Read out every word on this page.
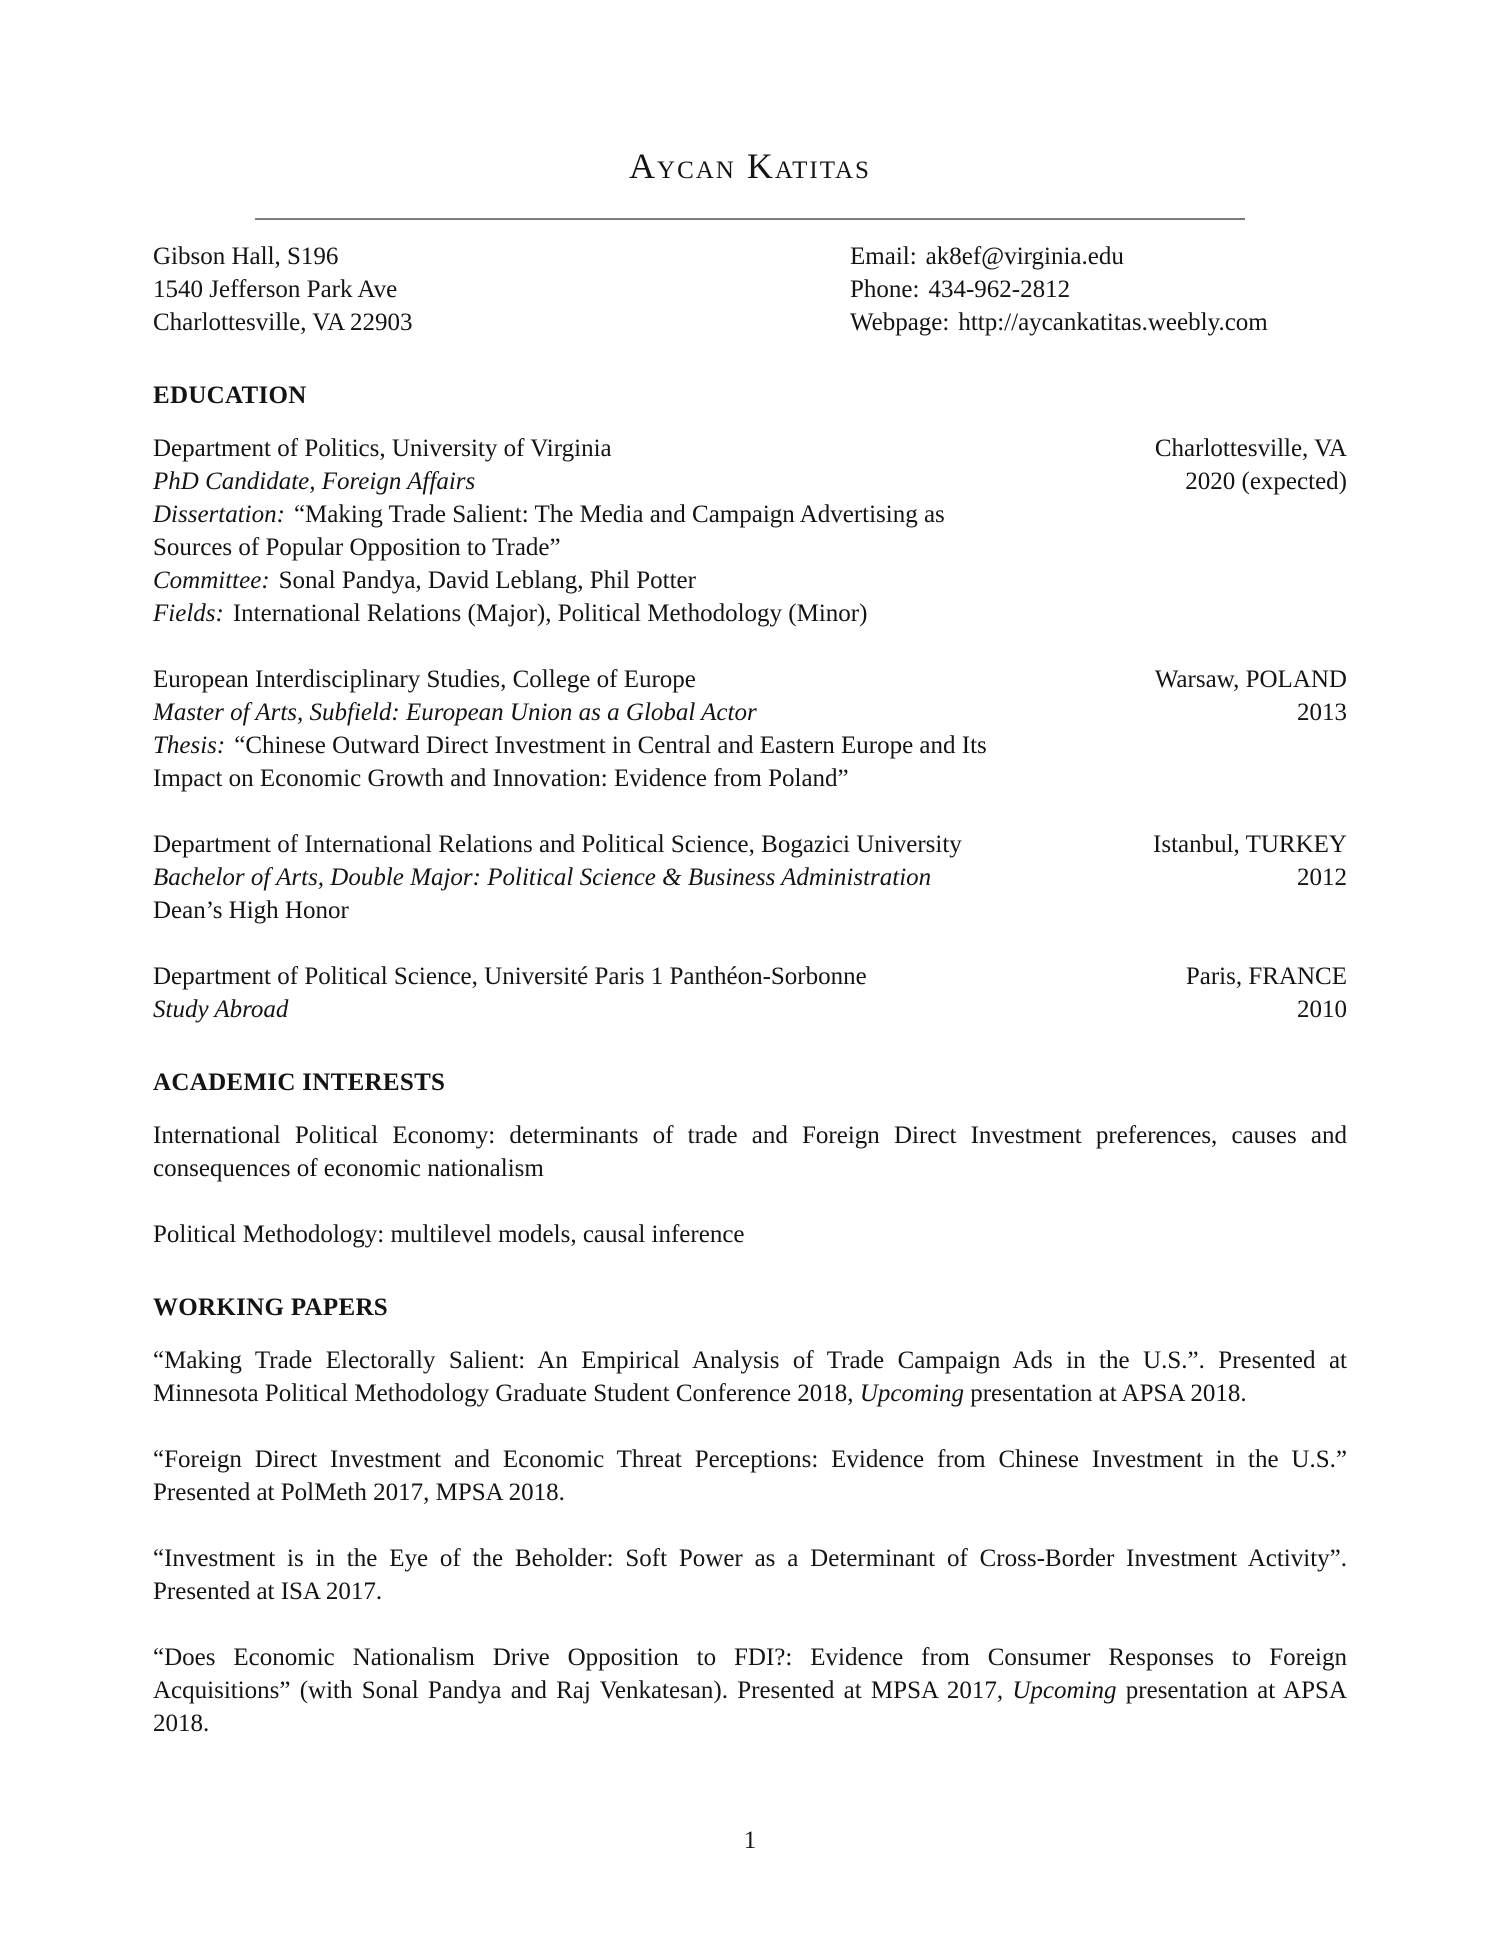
Aycan Katitas
Gibson Hall, S196
1540 Jefferson Park Ave
Charlottesville, VA 22903
Email: ak8ef@virginia.edu
Phone: 434-962-2812
Webpage: http://aycankatitas.weebly.com
EDUCATION
Department of Politics, University of Virginia	Charlottesville, VA
PhD Candidate, Foreign Affairs	2020 (expected)
Dissertation: “Making Trade Salient: The Media and Campaign Advertising as Sources of Popular Opposition to Trade”
Committee: Sonal Pandya, David Leblang, Phil Potter
Fields: International Relations (Major), Political Methodology (Minor)
European Interdisciplinary Studies, College of Europe	Warsaw, POLAND
Master of Arts, Subfield: European Union as a Global Actor	2013
Thesis: “Chinese Outward Direct Investment in Central and Eastern Europe and Its Impact on Economic Growth and Innovation: Evidence from Poland”
Department of International Relations and Political Science, Bogazici University	Istanbul, TURKEY
Bachelor of Arts, Double Major: Political Science & Business Administration	2012
Dean’s High Honor
Department of Political Science, Université Paris 1 Panthéon-Sorbonne	Paris, FRANCE
Study Abroad	2010
ACADEMIC INTERESTS

International Political Economy: determinants of trade and Foreign Direct Investment preferences, causes and consequences of economic nationalism

Political Methodology: multilevel models, causal inference

WORKING PAPERS

“Making Trade Electorally Salient: An Empirical Analysis of Trade Campaign Ads in the U.S.”. Presented at Minnesota Political Methodology Graduate Student Conference 2018, Upcoming presentation at APSA 2018.

“Foreign Direct Investment and Economic Threat Perceptions: Evidence from Chinese Investment in the U.S.” Presented at PolMeth 2017, MPSA 2018.

“Investment is in the Eye of the Beholder: Soft Power as a Determinant of Cross-Border Investment Activity”. Presented at ISA 2017.

“Does Economic Nationalism Drive Opposition to FDI?: Evidence from Consumer Responses to Foreign Acquisitions” (with Sonal Pandya and Raj Venkatesan). Presented at MPSA 2017, Upcoming presentation at APSA 2018.

1
